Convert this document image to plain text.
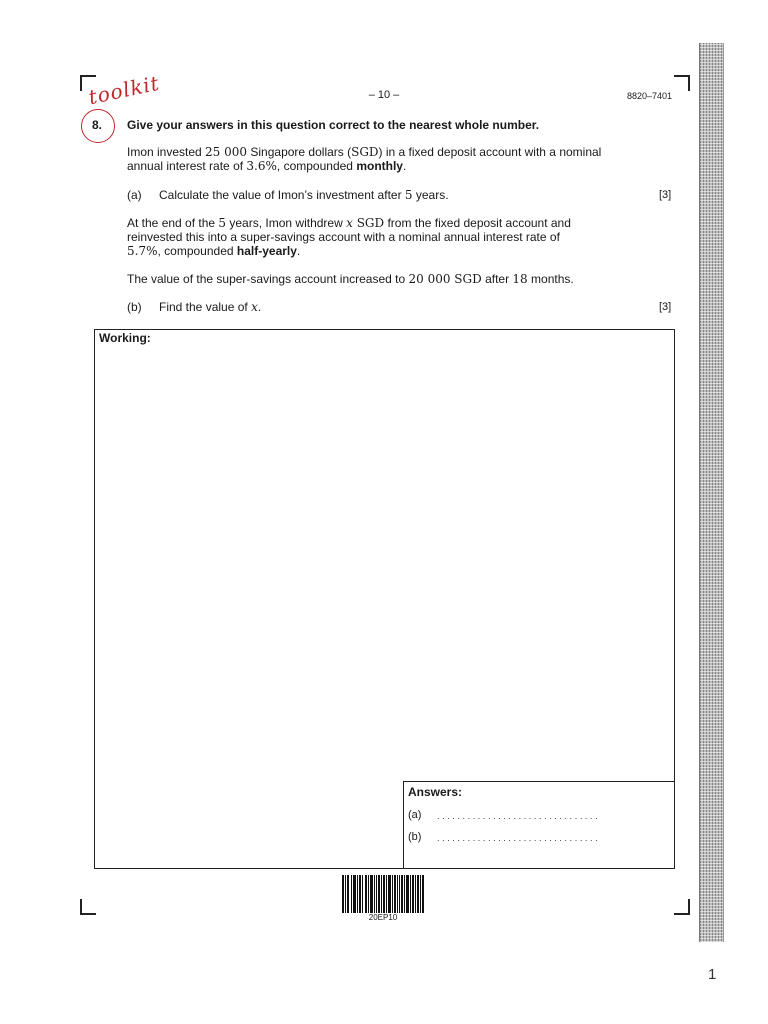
– 10 –	8820–7401
toolkit
8. Give your answers in this question correct to the nearest whole number.
Imon invested 25 000 Singapore dollars (SGD) in a fixed deposit account with a nominal
annual interest rate of 3.6%, compounded monthly.
(a) Calculate the value of Imon’s investment after 5 years.	[3]
At the end of the 5 years, Imon withdrew x SGD from the fixed deposit account and
reinvested this into a super-savings account with a nominal annual interest rate of
5.7%, compounded half-yearly.
The value of the super-savings account increased to 20 000 SGD after 18 months.
(b) Find the value of x.	[3]
Working:
Answers:
(a) ................................
(b) ................................
20EP10
1
